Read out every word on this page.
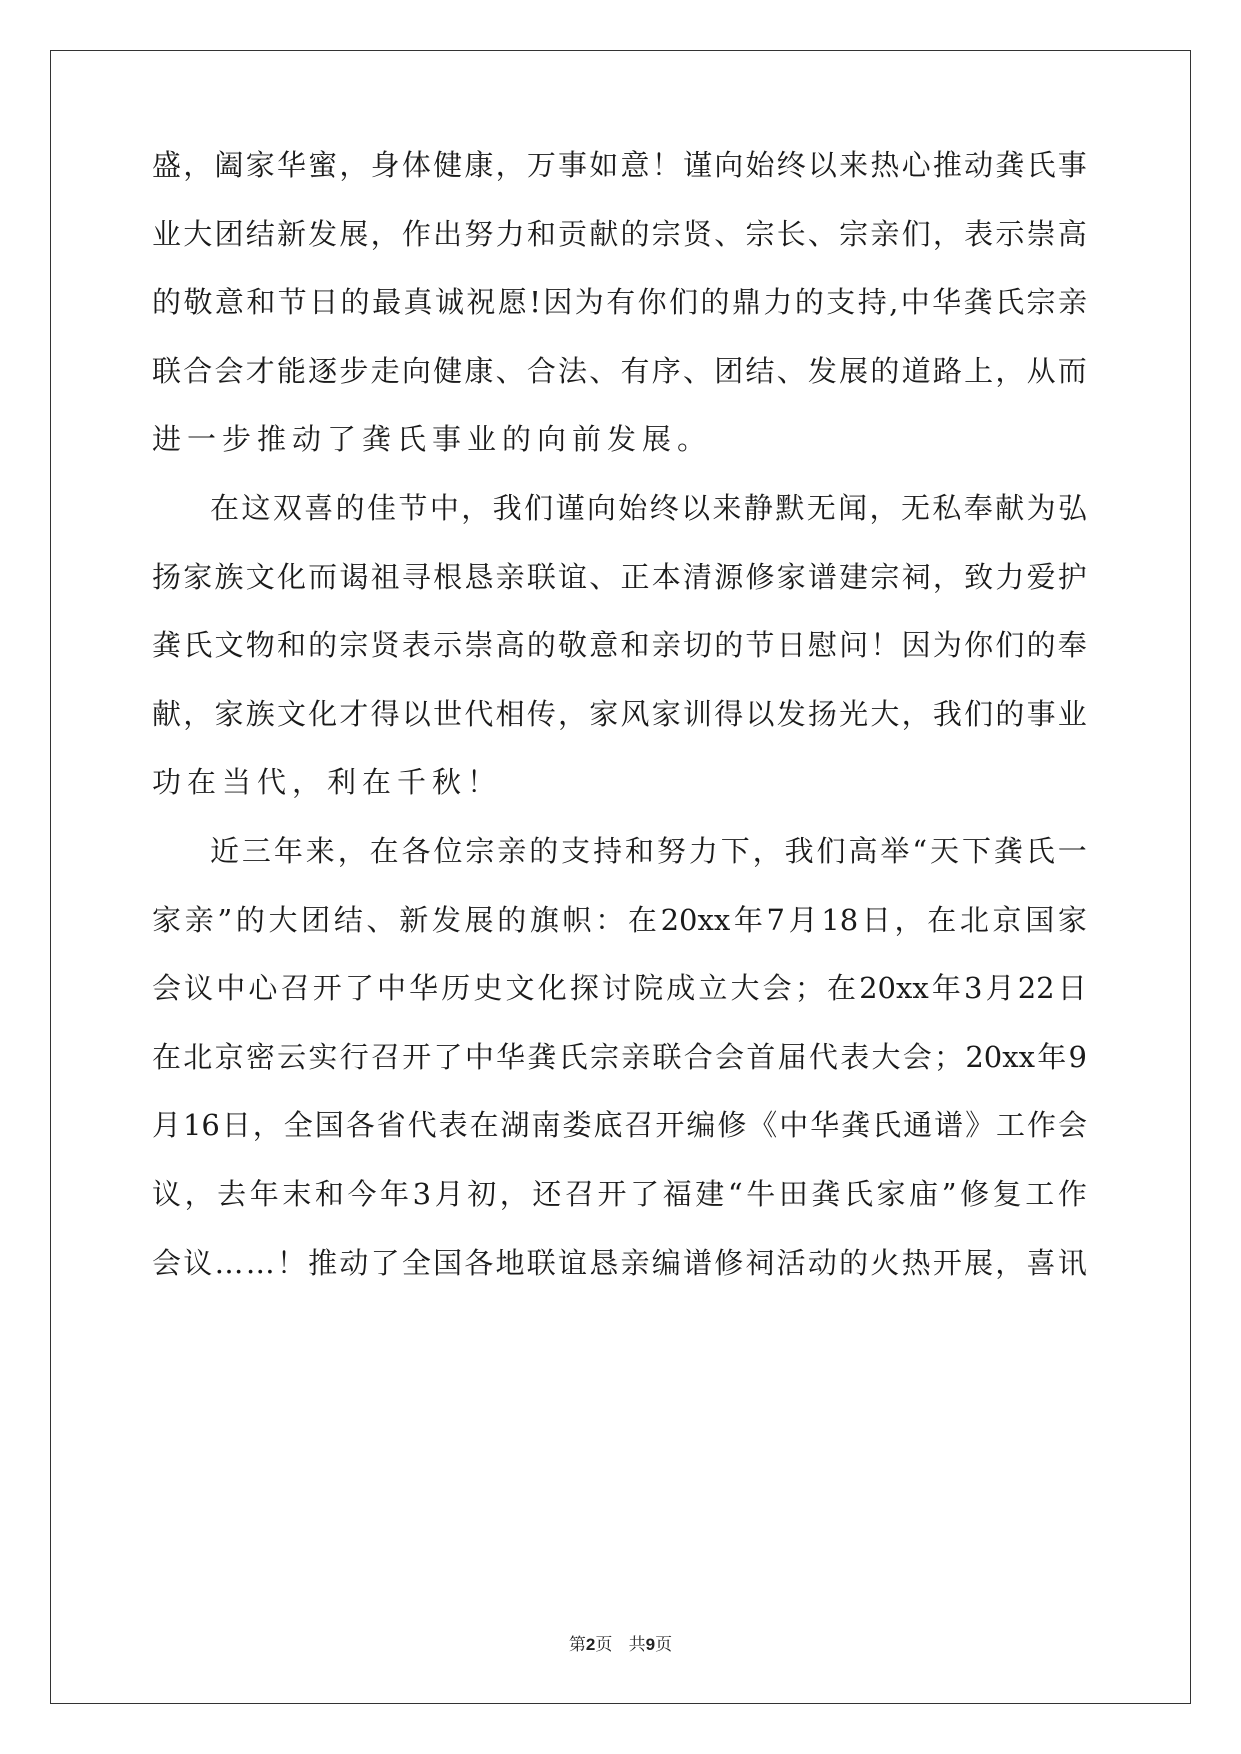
盛 ， 阖 家 华 蜜 ， 身 体 健 康 ， 万 事 如 意 ！ 谨 向 始 终 以 来 热 心 推 动 龚 氏 事
业 大 团 结 新 发 展 ， 作 出 努 力 和 贡 献 的 宗 贤 、 宗 长 、 宗 亲 们 ， 表 示 崇 高
的 敬 意 和 节 日 的 最 真 诚 祝 愿 ! 因 为 有 你 们 的 鼎 力 的 支 持 , 中 华 龚 氏 宗 亲
联 合 会 才 能 逐 步 走 向 健 康 、 合 法 、 有 序 、 团 结 、 发 展 的 道 路 上 ， 从 而
进一步推动了龚氏事业的向前发展。
在 这 双 喜 的 佳 节 中 ， 我 们 谨 向 始 终 以 来 静 默 无 闻 ， 无 私 奉 献 为 弘
扬 家 族 文 化 而 谒 祖 寻 根 恳 亲 联 谊 、 正 本 清 源 修 家 谱 建 宗 祠 ， 致 力 爱 护
龚 氏 文 物 和 的 宗 贤 表 示 崇 高 的 敬 意 和 亲 切 的 节 日 慰 问 ！ 因 为 你 们 的 奉
献 ， 家 族 文 化 才 得 以 世 代 相 传 ， 家 风 家 训 得 以 发 扬 光 大 ， 我 们 的 事 业
功在当代，利在千秋！
近 三 年 来 ， 在 各 位 宗 亲 的 支 持 和 努 力 下 ， 我 们 高 举 “ 天 下 龚 氏 一
家 亲 ” 的 大 团 结 、 新 发 展 的 旗 帜 ： 在 20xx 年 7 月 18 日 ， 在 北 京 国 家
会 议 中 心 召 开 了 中 华 历 史 文 化 探 讨 院 成 立 大 会 ； 在 20xx 年 3 月 22 日
在 北 京 密 云 实 行 召 开 了 中 华 龚 氏 宗 亲 联 合 会 首 届 代 表 大 会 ； 20xx 年 9
月 16 日 ， 全 国 各 省 代 表 在 湖 南 娄 底 召 开 编 修 《 中 华 龚 氏 通 谱 》 工 作 会
议 ， 去 年 末 和 今 年 3 月 初 ， 还 召 开 了 福 建 “ 牛 田 龚 氏 家 庙 ” 修 复 工 作
会 议 … … ！ 推 动 了 全 国 各 地 联 谊 恳 亲 编 谱 修 祠 活 动 的 火 热 开 展 ， 喜 讯
第2页 共9页
